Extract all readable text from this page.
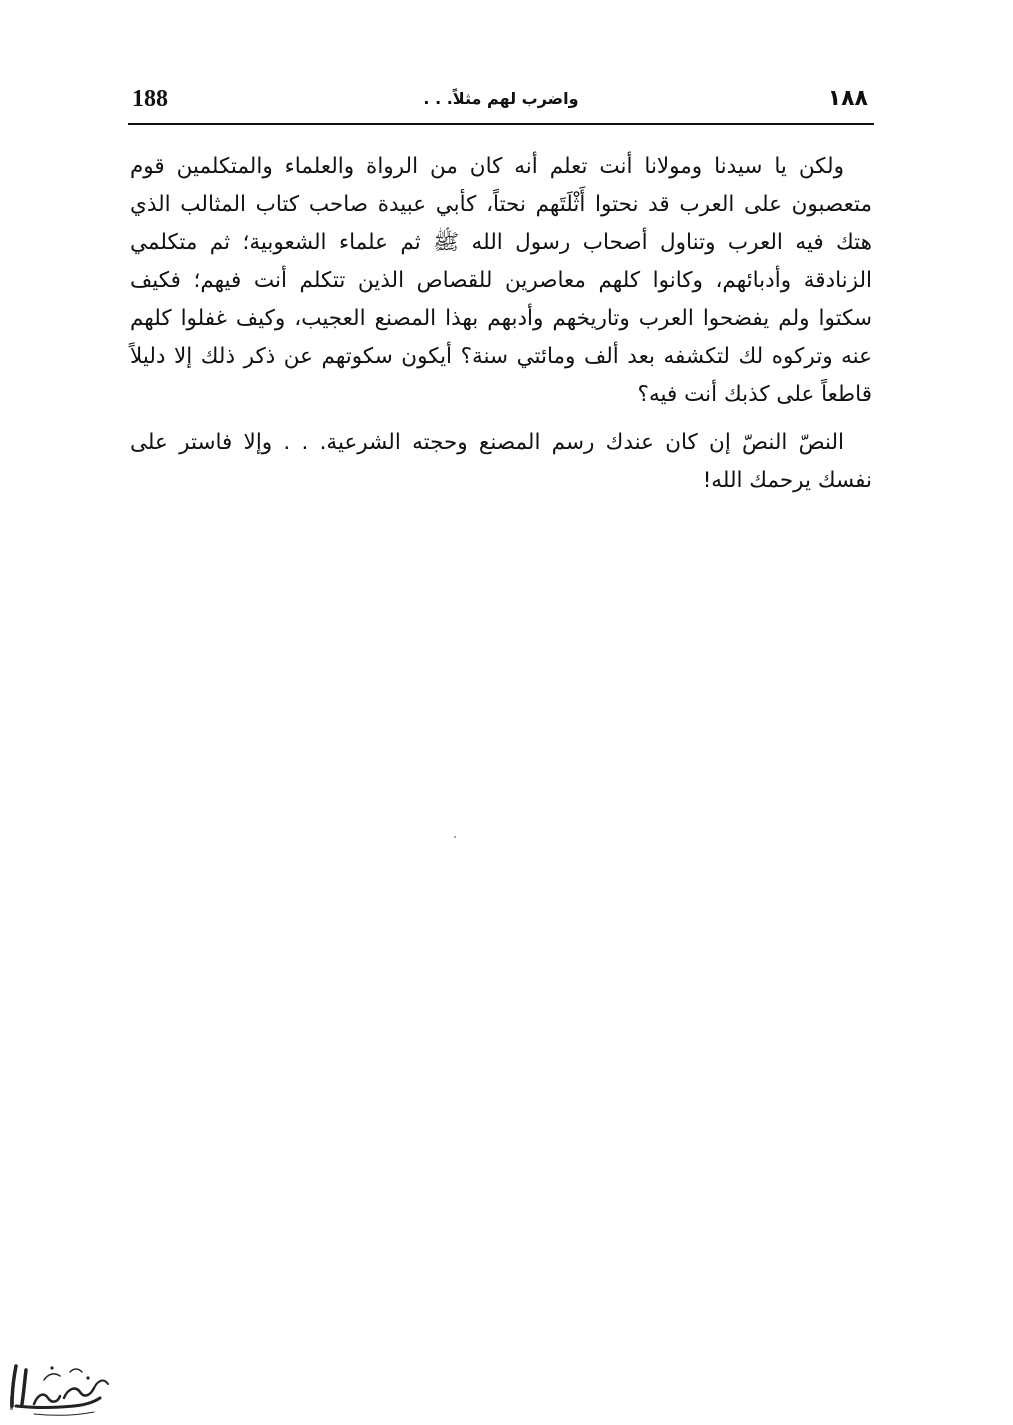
188	واضرب لهم مثلاً. . .	١٨٨

ولكن يا سيدنا ومولانا أنت تعلم أنه كان من الرواة والعلماء والمتكلمين قوم متعصبون على العرب قد نحتوا أَثْلَتَهم نحتاً، كأبي عبيدة صاحب كتاب المثالب الذي هتك فيه العرب وتناول أصحاب رسول الله ﷺ ثم علماء الشعوبية؛ ثم متكلمي الزنادقة وأدبائهم، وكانوا كلهم معاصرين للقصاص الذين تتكلم أنت فيهم؛ فكيف سكتوا ولم يفضحوا العرب وتاريخهم وأدبهم بهذا المصنع العجيب، وكيف غفلوا كلهم عنه وتركوه لك لتكشفه بعد ألف ومائتي سنة؟ أيكون سكوتهم عن ذكر ذلك إلا دليلاً قاطعاً على كذبك أنت فيه؟

النصّ النصّ إن كان عندك رسم المصنع وحجته الشرعية. . . وإلا فاستر على نفسك يرحمك الله!
